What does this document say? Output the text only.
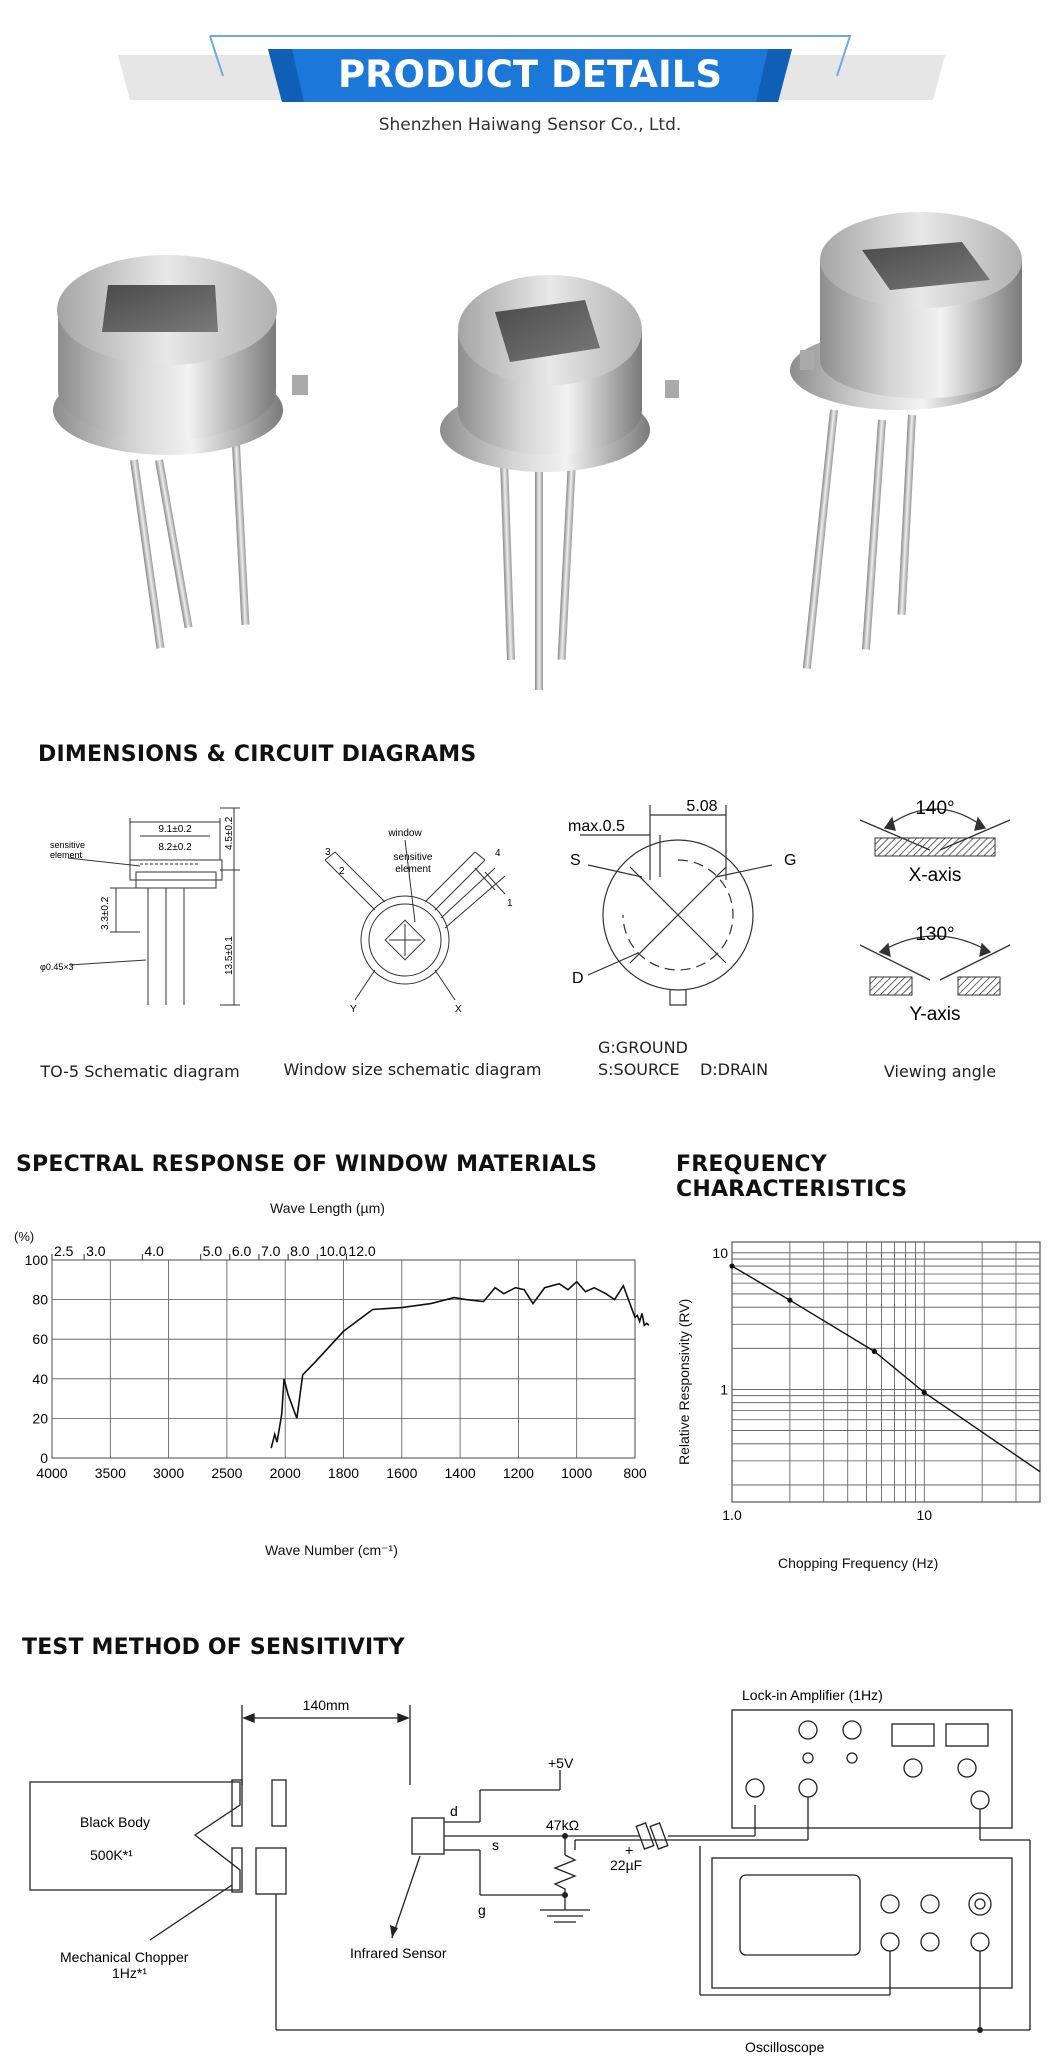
PRODUCT DETAILS
Shenzhen Haiwang Sensor Co., Ltd.
DIMENSIONS & CIRCUIT DIAGRAMS
9.1±0.2
8.2±0.2	4.5±0.2
sensitive
element
3.3±0.2
13.5±0.1
φ0.45×3
TO-5 Schematic diagram
window
sensitive
element
3
2
4
1
Y	X
Window size schematic diagram
5.08
max.0.5
S	G
D
G:GROUND
S:SOURCE    D:DRAIN
140°
X-axis
130°
Y-axis
Viewing angle
SPECTRAL RESPONSE OF WINDOW MATERIALS
Wave Length (µm)
(%)
Wave Number (cm⁻¹)
4000 3500 3000 2500 2000 1800 1600 1400 1200 1000 800
0
20
40
60
80
100
2.5 3.0	4.0	5.0 6.0 7.0 8.0 10.0 12.0
FREQUENCY CHARACTERISTICS
Relative Responsivity (RV)
Chopping Frequency (Hz)
1.0	10
10
1
TEST METHOD OF SENSITIVITY
140mm
Black Body
500K*¹
Mechanical Chopper
1Hz*¹
Infrared Sensor
+5V
47kΩ
22µF
+
d
s
g
Lock-in Amplifier (1Hz)
Oscilloscope
